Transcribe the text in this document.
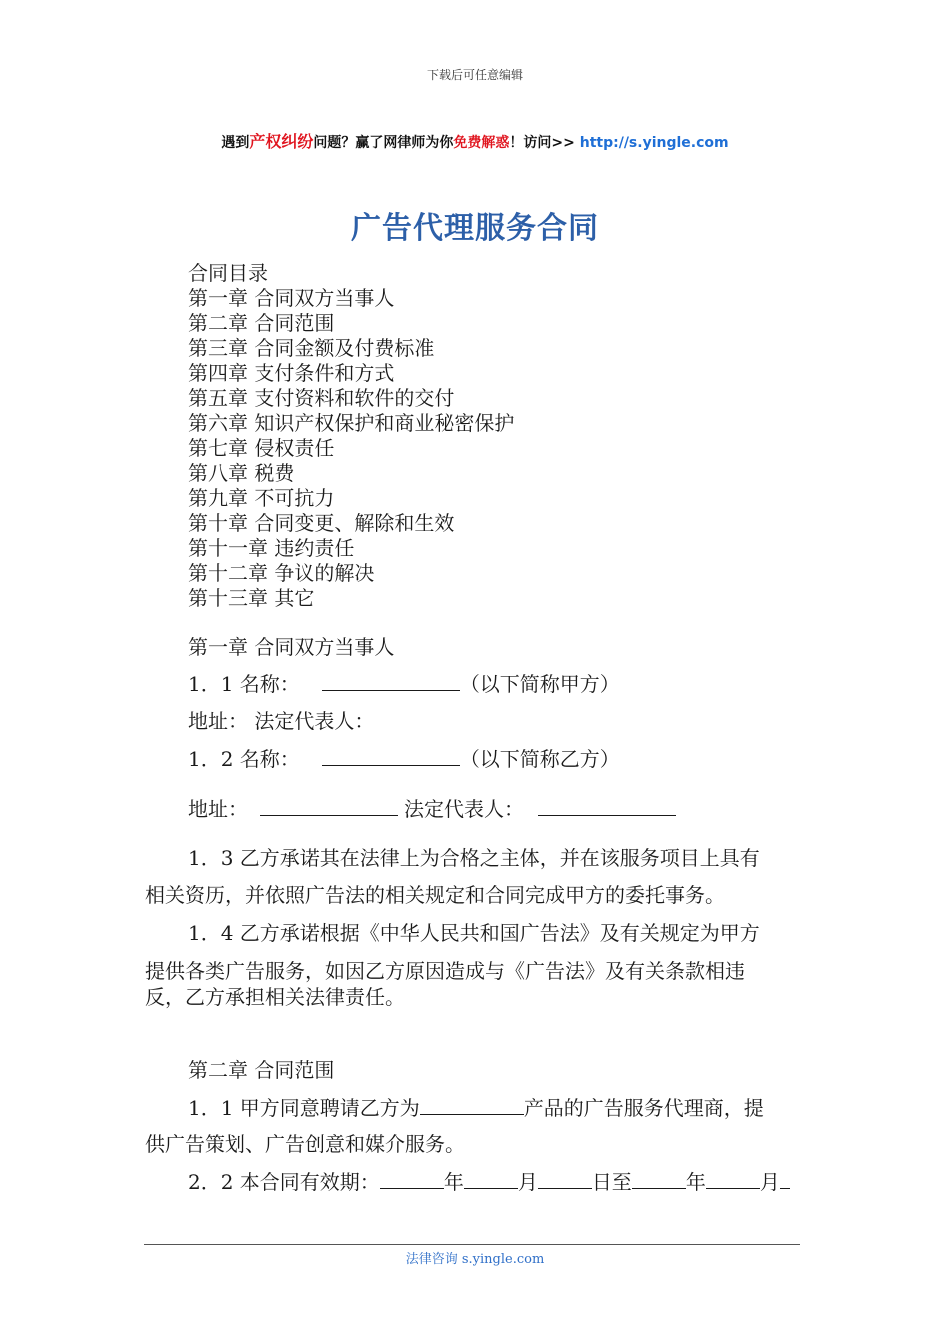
下载后可任意编辑
遇到产权纠纷问题？赢了网律师为你免费解惑！访问>> http://s.yingle.com
广告代理服务合同
合同目录
第一章 合同双方当事人
第二章 合同范围
第三章 合同金额及付费标准
第四章 支付条件和方式
第五章 支付资料和软件的交付
第六章 知识产权保护和商业秘密保护
第七章 侵权责任
第八章 税费
第九章 不可抗力
第十章 合同变更、解除和生效
第十一章 违约责任
第十二章 争议的解决
第十三章 其它
第一章 合同双方当事人
1．1 名称：	（以下简称甲方）
地址： 法定代表人：
1．2 名称：	（以下简称乙方）
地址：	法定代表人：
1．3 乙方承诺其在法律上为合格之主体，并在该服务项目上具有
相关资历，并依照广告法的相关规定和合同完成甲方的委托事务。
1．4 乙方承诺根据《中华人民共和国广告法》及有关规定为甲方
提供各类广告服务，如因乙方原因造成与《广告法》及有关条款相违
反，乙方承担相关法律责任。
第二章 合同范围
1．1 甲方同意聘请乙方为	产品的广告服务代理商，提
供广告策划、广告创意和媒介服务。
2．2 本合同有效期：	年	月	日至	年	月
法律咨询 s.yingle.com
